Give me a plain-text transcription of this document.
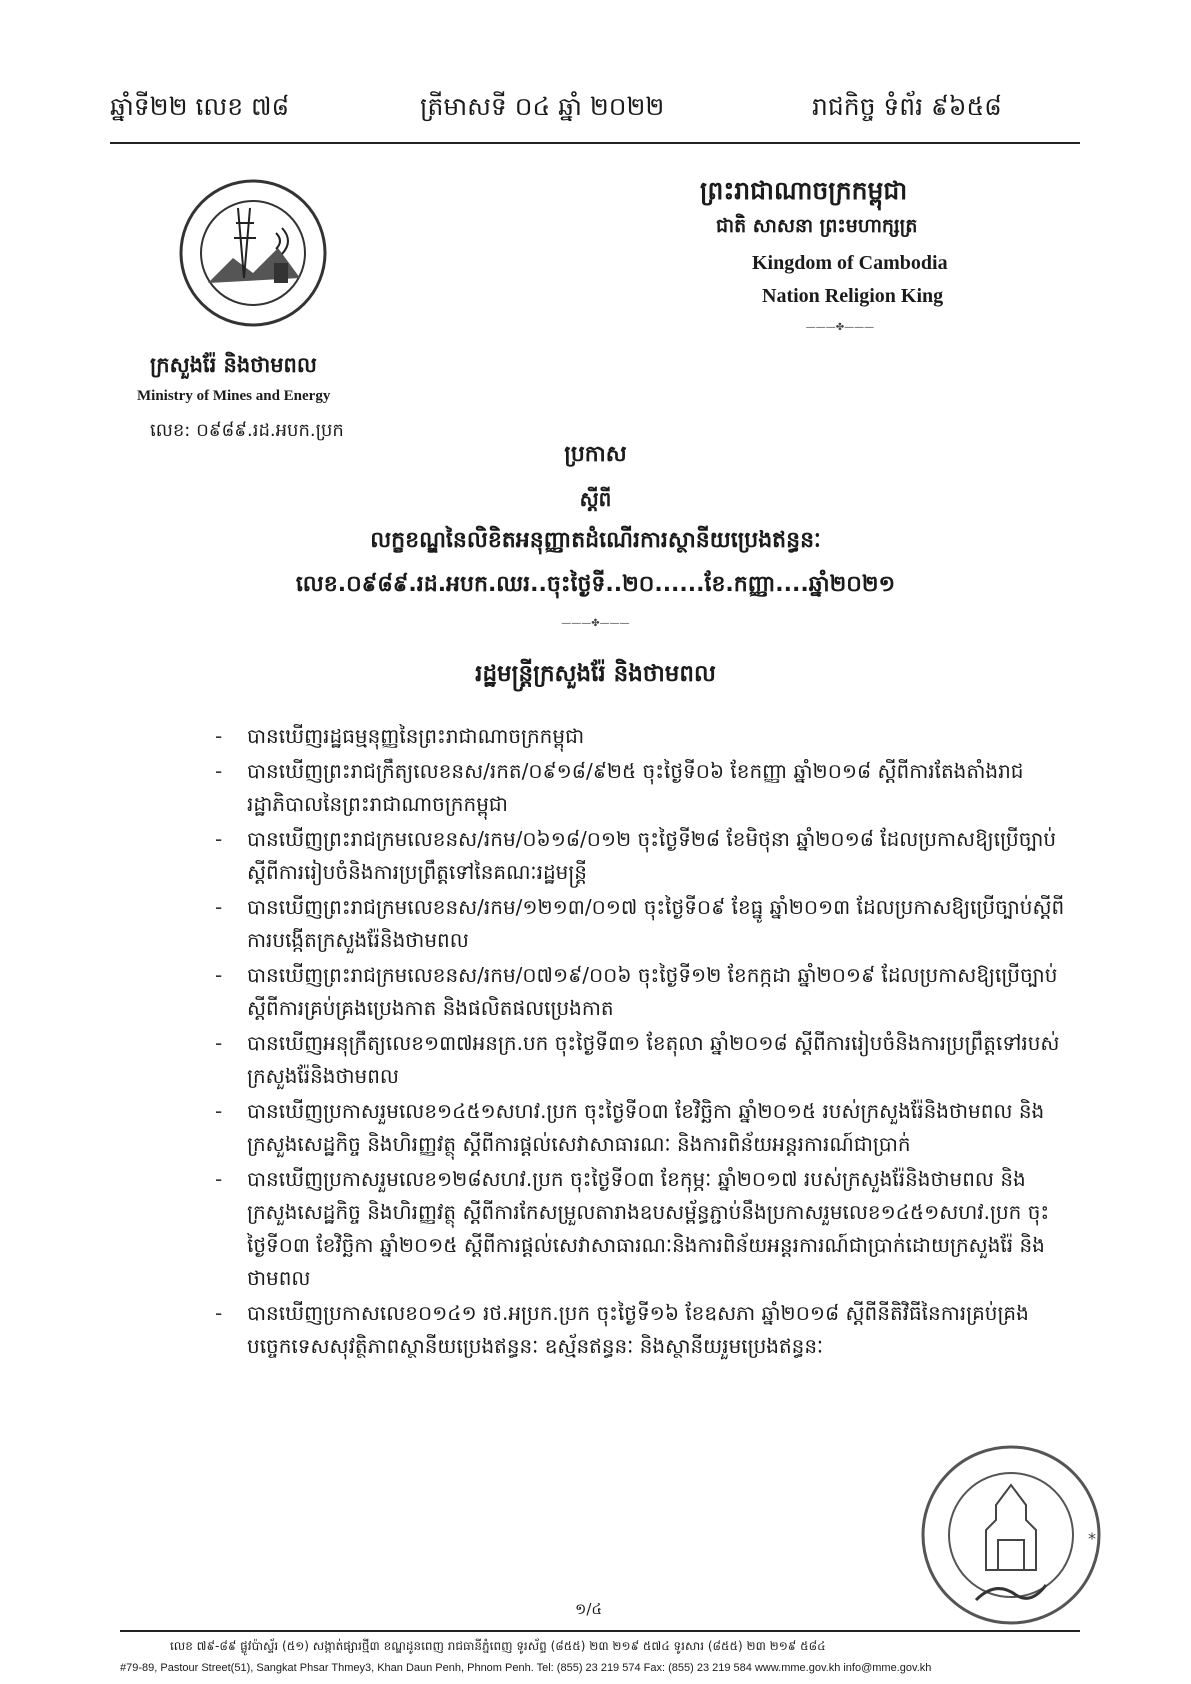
ឆ្នាំទី២២ លេខ ៧៨	ត្រីមាសទី ០៤ ឆ្នាំ ២០២២	រាជកិច្ច ទំព័រ ៩៦៥៨
ក្រសួងរ៉ែ និងថាមពល
Ministry of Mines and Energy
លេខ: ០៩៨៩.រដ.អបក.ប្រក
ព្រះរាជាណាចក្រកម្ពុជា
ជាតិ សាសនា ព្រះមហាក្សត្រ
Kingdom of Cambodia
Nation Religion King
———✤———
ប្រកាស
ស្តីពី
លក្ខខណ្ឌនៃលិខិតអនុញ្ញាតដំណើរការស្ថានីយប្រេងឥន្ធនៈ
លេខ.០៩៨៩.រដ.អបក.ឈរ..ចុះថ្ងៃទី..២០......ខែ.កញ្ញា....ឆ្នាំ២០២១
———✤———
រដ្ឋមន្ត្រីក្រសួងរ៉ែ និងថាមពល
- បានឃើញរដ្ឋធម្មនុញ្ញនៃព្រះរាជាណាចក្រកម្ពុជា
- បានឃើញព្រះរាជក្រឹត្យលេខនស/រកត/០៩១៨/៩២៥ ចុះថ្ងៃទី០៦ ខែកញ្ញា ឆ្នាំ២០១៨ ស្តីពីការតែងតាំងរាជរដ្ឋាភិបាលនៃព្រះរាជាណាចក្រកម្ពុជា
- បានឃើញព្រះរាជក្រមលេខនស/រកម/០៦១៨/០១២ ចុះថ្ងៃទី២៨ ខែមិថុនា ឆ្នាំ២០១៨ ដែលប្រកាសឱ្យប្រើច្បាប់ស្តីពីការរៀបចំនិងការប្រព្រឹត្តទៅនៃគណៈរដ្ឋមន្ត្រី
- បានឃើញព្រះរាជក្រមលេខនស/រកម/១២១៣/០១៧ ចុះថ្ងៃទី០៩ ខែធ្នូ ឆ្នាំ២០១៣ ដែលប្រកាសឱ្យប្រើច្បាប់ស្តីពីការបង្កើតក្រសួងរ៉ែនិងថាមពល
- បានឃើញព្រះរាជក្រមលេខនស/រកម/០៧១៩/០០៦ ចុះថ្ងៃទី១២ ខែកក្កដា ឆ្នាំ២០១៩ ដែលប្រកាសឱ្យប្រើច្បាប់ស្តីពីការគ្រប់គ្រងប្រេងកាត និងផលិតផលប្រេងកាត
- បានឃើញអនុក្រឹត្យលេខ១៣៧អនក្រ.បក ចុះថ្ងៃទី៣១ ខែតុលា ឆ្នាំ២០១៨ ស្តីពីការរៀបចំនិងការប្រព្រឹត្តទៅរបស់ក្រសួងរ៉ែនិងថាមពល
- បានឃើញប្រកាសរួមលេខ១៤៥១សហវ.ប្រក ចុះថ្ងៃទី០៣ ខែវិច្ឆិកា ឆ្នាំ២០១៥ របស់ក្រសួងរ៉ែនិងថាមពល និងក្រសួងសេដ្ឋកិច្ច និងហិរញ្ញវត្ថុ ស្តីពីការផ្តល់សេវាសាធារណៈ និងការពិន័យអន្តរការណ៍ជាប្រាក់
- បានឃើញប្រកាសរួមលេខ១២៨សហវ.ប្រក ចុះថ្ងៃទី០៣ ខែកុម្ភៈ ឆ្នាំ២០១៧ របស់ក្រសួងរ៉ែនិងថាមពល និងក្រសួងសេដ្ឋកិច្ច និងហិរញ្ញវត្ថុ ស្តីពីការកែសម្រួលតារាងឧបសម្ព័ន្ធភ្ជាប់នឹងប្រកាសរួមលេខ១៤៥១សហវ.ប្រក ចុះថ្ងៃទី០៣ ខែវិច្ឆិកា ឆ្នាំ២០១៥ ស្តីពីការផ្តល់សេវាសាធារណៈនិងការពិន័យអន្តរការណ៍ជាប្រាក់ដោយក្រសួងរ៉ែ និងថាមពល
- បានឃើញប្រកាសលេខ០១៤១ រថ.អប្រក.ប្រក ចុះថ្ងៃទី១៦ ខែឧសភា ឆ្នាំ២០១៨ ស្តីពីនីតិវិធីនៃការគ្រប់គ្រងបច្ចេកទេសសុវត្ថិភាពស្ថានីយប្រេងឥន្ធនៈ ឧស្ម័នឥន្ធនៈ និងស្ថានីយរួមប្រេងឥន្ធនៈ
*
១/៤
លេខ ៧៩-៨៩ ផ្លូវប៉ាស្ទ័រ (៥១) សង្កាត់ផ្សារថ្មី៣ ខណ្ឌដូនពេញ រាជធានីភ្នំពេញ ទូរស័ព្ទ (៨៥៥) ២៣ ២១៩ ៥៧៤ ទូរសារ (៨៥៥) ២៣ ២១៩ ៥៨៤
#79-89, Pastour Street(51), Sangkat Phsar Thmey3, Khan Daun Penh, Phnom Penh. Tel: (855) 23 219 574 Fax: (855) 23 219 584 www.mme.gov.kh info@mme.gov.kh
